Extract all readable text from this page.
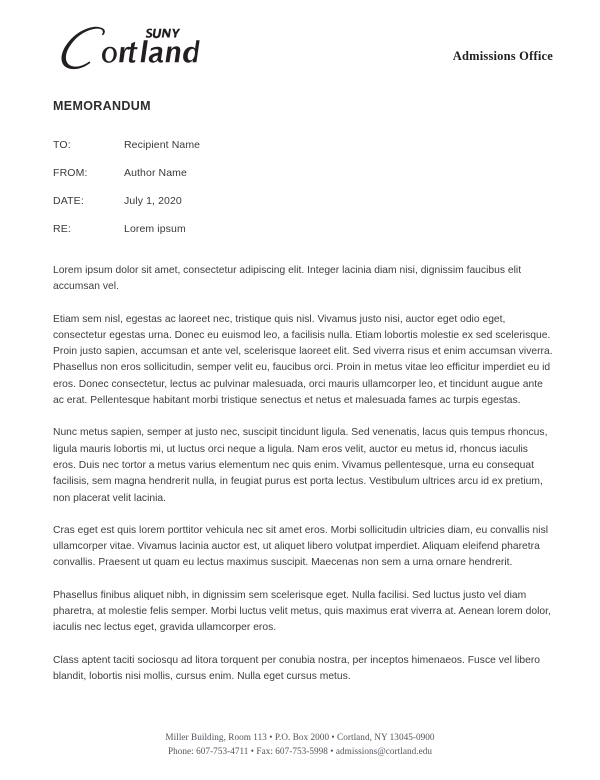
Admissions Office
MEMORANDUM
TO:	Recipient Name
FROM:	Author Name
DATE:	July 1, 2020
RE:	Lorem ipsum

Lorem ipsum dolor sit amet, consectetur adipiscing elit. Integer lacinia diam nisi, dignissim faucibus elit accumsan vel.

Etiam sem nisl, egestas ac laoreet nec, tristique quis nisl. Vivamus justo nisi, auctor eget odio eget, consectetur egestas urna. Donec eu euismod leo, a facilisis nulla. Etiam lobortis molestie ex sed scelerisque. Proin justo sapien, accumsan et ante vel, scelerisque laoreet elit. Sed viverra risus et enim accumsan viverra. Phasellus non eros sollicitudin, semper velit eu, faucibus orci. Proin in metus vitae leo efficitur imperdiet eu id eros. Donec consectetur, lectus ac pulvinar malesuada, orci mauris ullamcorper leo, et tincidunt augue ante ac erat. Pellentesque habitant morbi tristique senectus et netus et malesuada fames ac turpis egestas.

Nunc metus sapien, semper at justo nec, suscipit tincidunt ligula. Sed venenatis, lacus quis tempus rhoncus, ligula mauris lobortis mi, ut luctus orci neque a ligula. Nam eros velit, auctor eu metus id, rhoncus iaculis eros. Duis nec tortor a metus varius elementum nec quis enim. Vivamus pellentesque, urna eu consequat facilisis, sem magna hendrerit nulla, in feugiat purus est porta lectus. Vestibulum ultrices arcu id ex pretium, non placerat velit lacinia.

Cras eget est quis lorem porttitor vehicula nec sit amet eros. Morbi sollicitudin ultricies diam, eu convallis nisl ullamcorper vitae. Vivamus lacinia auctor est, ut aliquet libero volutpat imperdiet. Aliquam eleifend pharetra convallis. Praesent ut quam eu lectus maximus suscipit. Maecenas non sem a urna ornare hendrerit.

Phasellus finibus aliquet nibh, in dignissim sem scelerisque eget. Nulla facilisi. Sed luctus justo vel diam pharetra, at molestie felis semper. Morbi luctus velit metus, quis maximus erat viverra at. Aenean lorem dolor, iaculis nec lectus eget, gravida ullamcorper eros.

Class aptent taciti sociosqu ad litora torquent per conubia nostra, per inceptos himenaeos. Fusce vel libero blandit, lobortis nisi mollis, cursus enim. Nulla eget cursus metus.

Miller Building, Room 113 • P.O. Box 2000 • Cortland, NY 13045-0900
Phone: 607-753-4711 • Fax: 607-753-5998 • admissions@cortland.edu
